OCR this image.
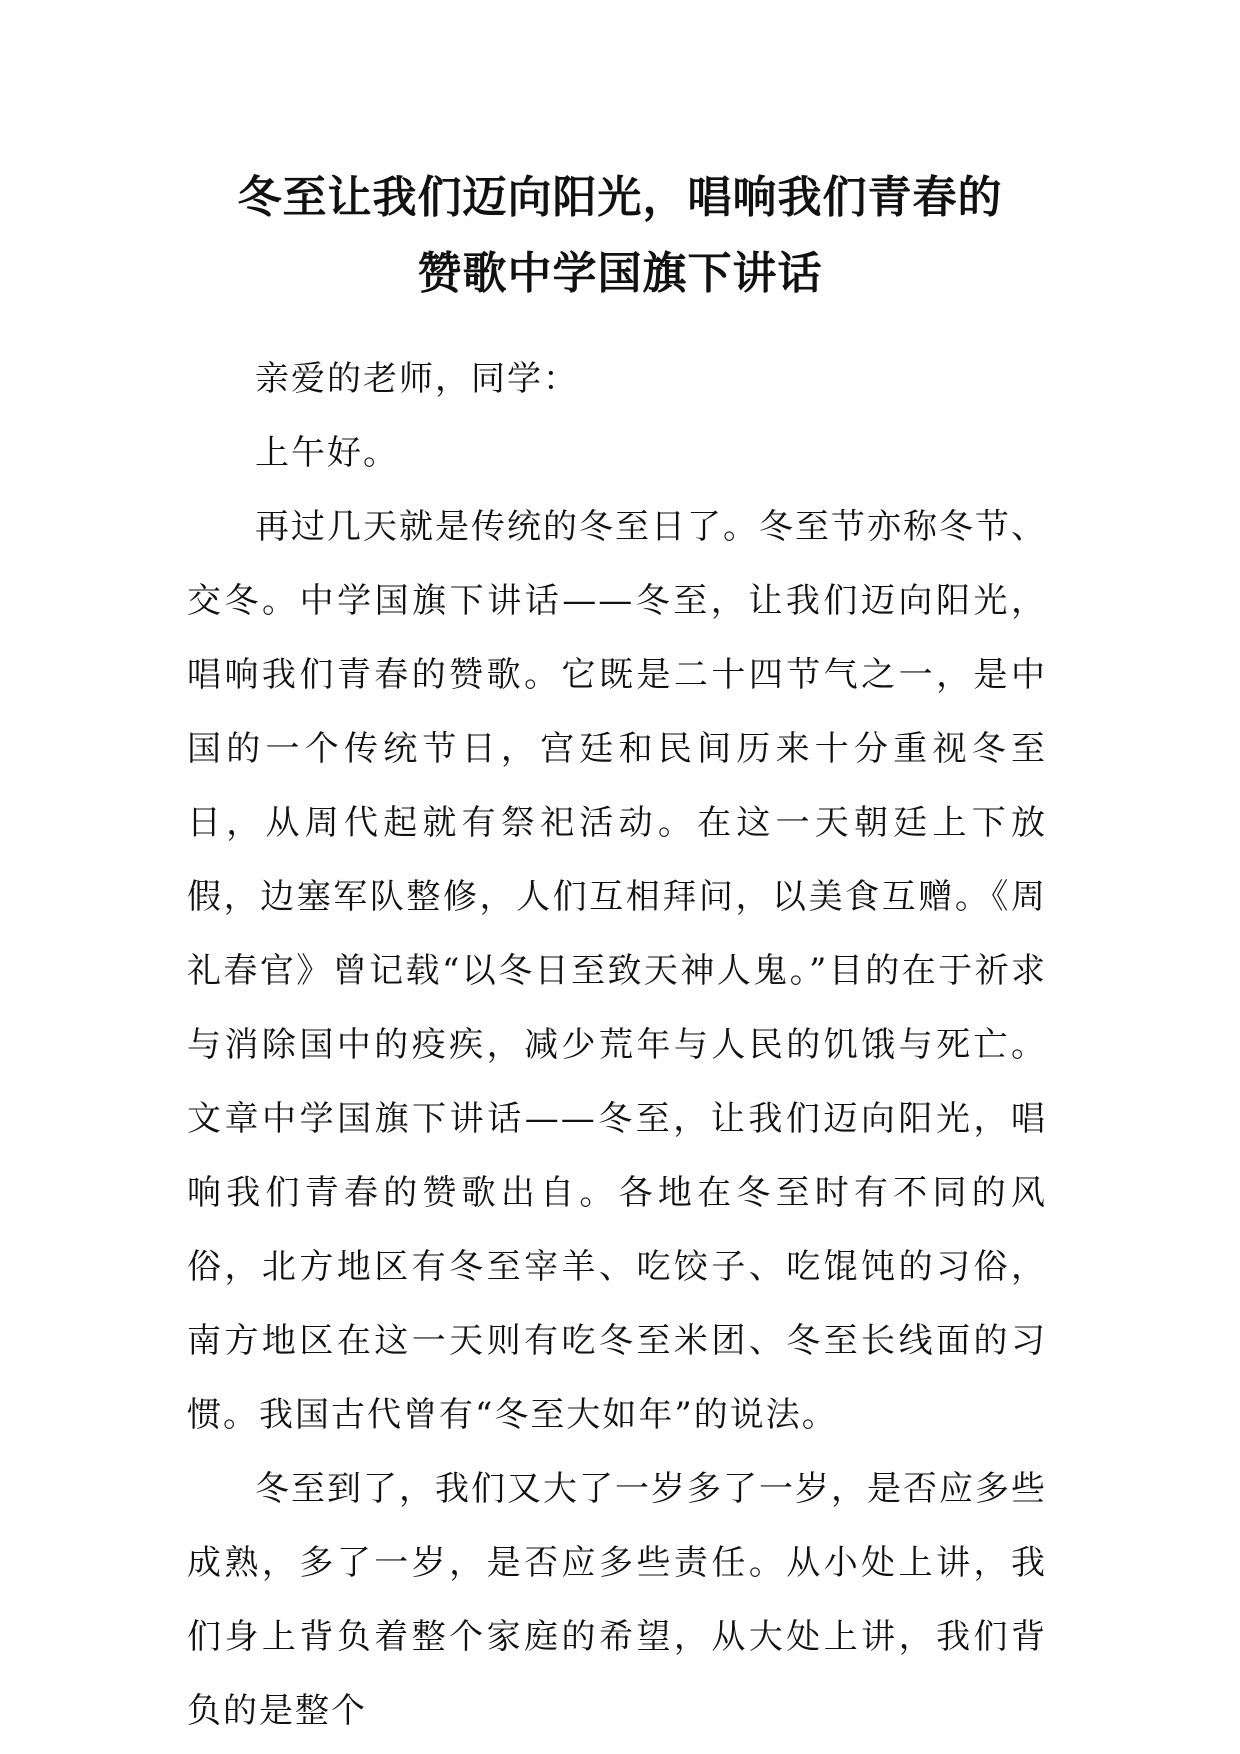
冬至让我们迈向阳光，唱响我们青春的
赞歌中学国旗下讲话

亲爱的老师，同学：

上午好。

再过几天就是传统的冬至日了。冬至节亦称冬节、交冬。中学国旗下讲话——冬至，让我们迈向阳光，唱响我们青春的赞歌。它既是二十四节气之一，是中国的一个传统节日，宫廷和民间历来十分重视冬至日，从周代起就有祭祀活动。在这一天朝廷上下放假，边塞军队整修，人们互相拜问，以美食互赠。《周礼春官》曾记载“以冬日至致天神人鬼。”目的在于祈求与消除国中的疫疾，减少荒年与人民的饥饿与死亡。文章中学国旗下讲话——冬至，让我们迈向阳光，唱响我们青春的赞歌出自。各地在冬至时有不同的风俗，北方地区有冬至宰羊、吃饺子、吃馄饨的习俗，南方地区在这一天则有吃冬至米团、冬至长线面的习惯。我国古代曾有“冬至大如年”的说法。

冬至到了，我们又大了一岁多了一岁，是否应多些成熟，多了一岁，是否应多些责任。从小处上讲，我们身上背负着整个家庭的希望，从大处上讲，我们背负的是整个
